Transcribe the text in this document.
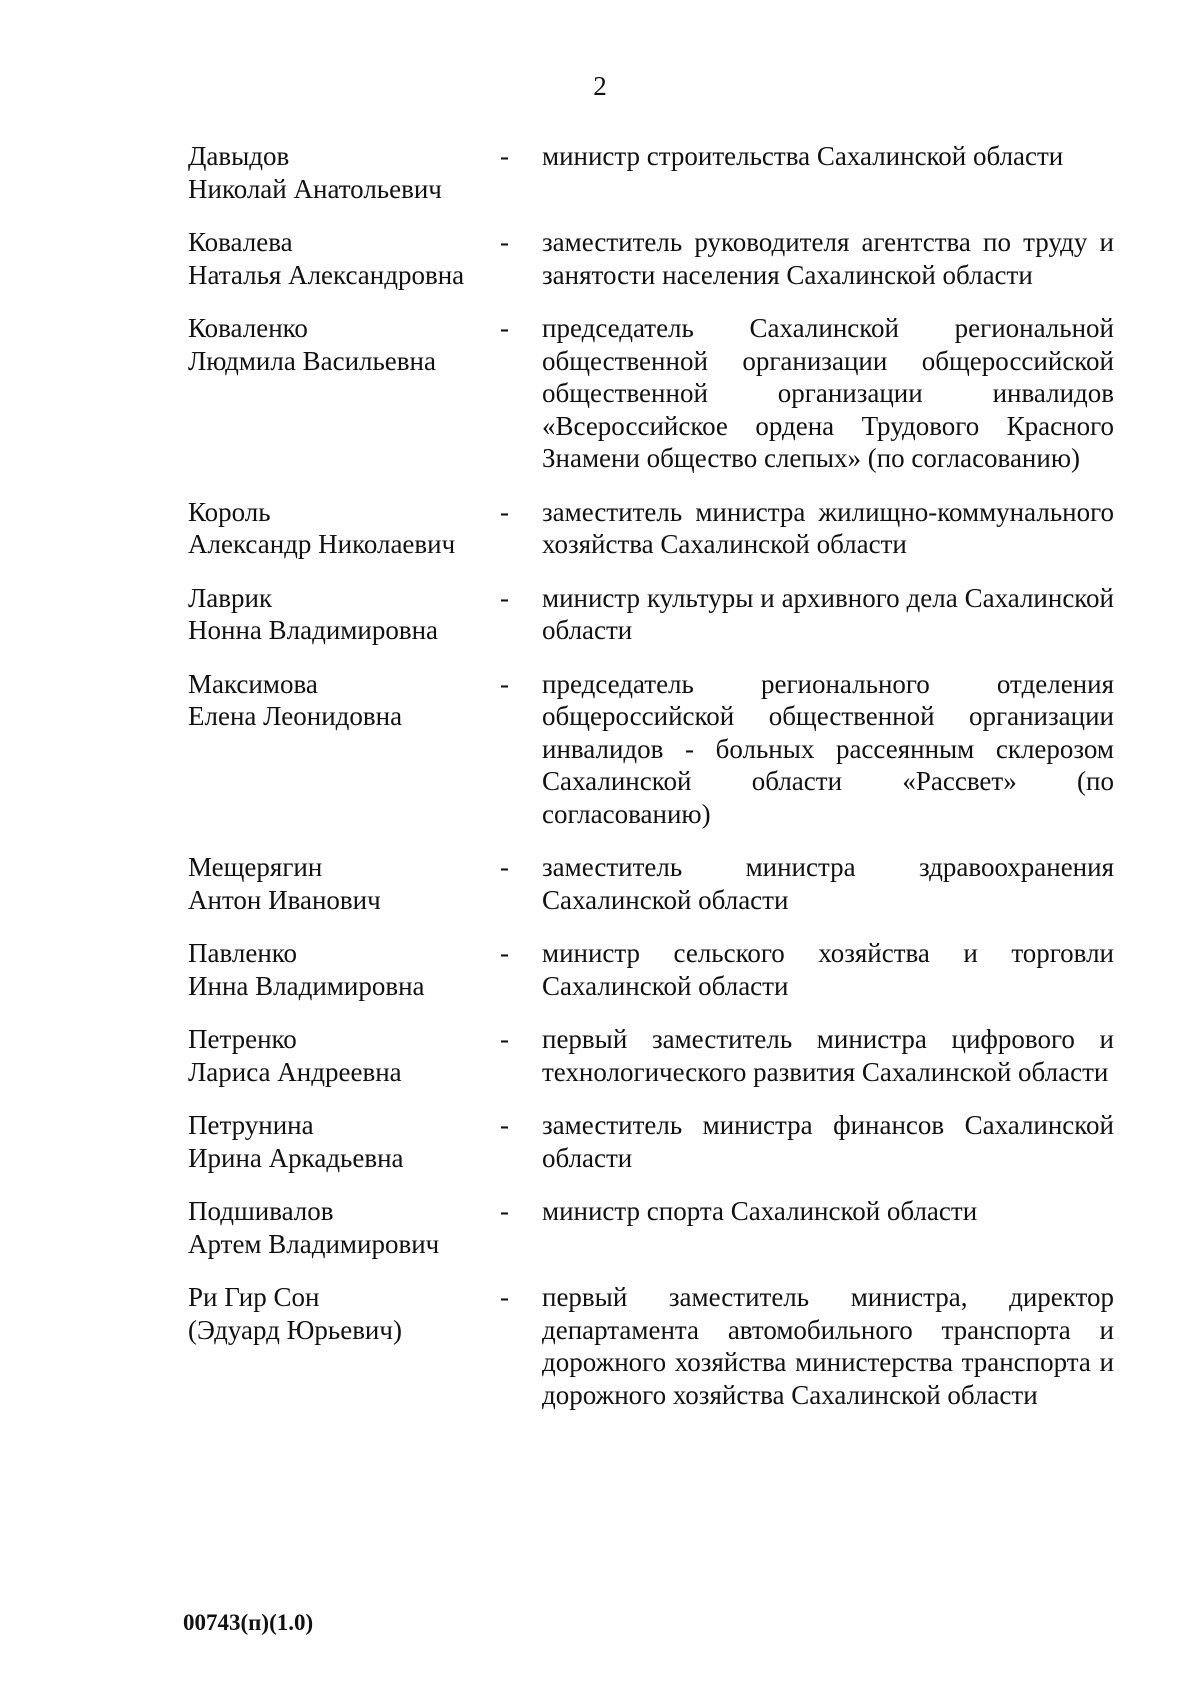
2
Давыдов
Николай Анатольевич
-	министр строительства Сахалинской области
Ковалева
Наталья Александровна
-	заместитель руководителя агентства по труду и занятости населения Сахалинской области
Коваленко
Людмила Васильевна
-	председатель Сахалинской региональной общественной организации общероссийской общественной организации инвалидов «Всероссийское ордена Трудового Красного Знамени общество слепых» (по согласованию)
Король
Александр Николаевич
-	заместитель министра жилищно-коммунального хозяйства Сахалинской области
Лаврик
Нонна Владимировна
-	министр культуры и архивного дела Сахалинской области
Максимова
Елена Леонидовна
-	председатель регионального отделения общероссийской общественной организации инвалидов - больных рассеянным склерозом Сахалинской области «Рассвет» (по согласованию)
Мещерягин
Антон Иванович
-	заместитель министра здравоохранения Сахалинской области
Павленко
Инна Владимировна
-	министр сельского хозяйства и торговли Сахалинской области
Петренко
Лариса Андреевна
-	первый заместитель министра цифрового и технологического развития Сахалинской области
Петрунина
Ирина Аркадьевна
-	заместитель министра финансов Сахалинской области
Подшивалов
Артем Владимирович
-	министр спорта Сахалинской области
Ри Гир Сон
(Эдуард Юрьевич)
-	первый заместитель министра, директор департамента автомобильного транспорта и дорожного хозяйства министерства транспорта и дорожного хозяйства Сахалинской области
00743(п)(1.0)
